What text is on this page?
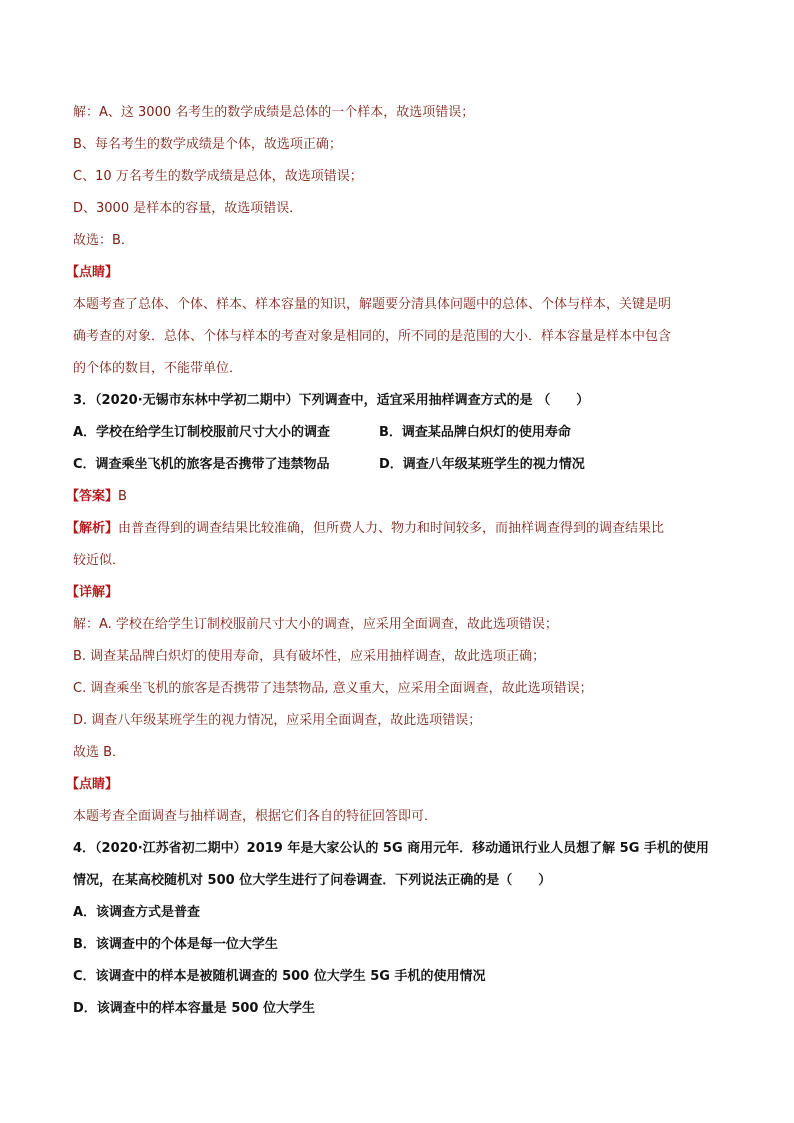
解：A、这 3000 名考生的数学成绩是总体的一个样本，故选项错误；
B、每名考生的数学成绩是个体，故选项正确；
C、10 万名考生的数学成绩是总体，故选项错误；
D、3000 是样本的容量，故选项错误．
故选：B．
【点睛】
本题考查了总体、个体、样本、样本容量的知识，解题要分清具体问题中的总体、个体与样本，关键是明
确考查的对象．总体、个体与样本的考查对象是相同的，所不同的是范围的大小．样本容量是样本中包含
的个体的数目，不能带单位．
3．（2020·无锡市东林中学初二期中）下列调查中，适宜采用抽样调查方式的是 （　　）
A．学校在给学生订制校服前尺寸大小的调查	B．调查某品牌白炽灯的使用寿命
C．调查乘坐飞机的旅客是否携带了违禁物品	D．调查八年级某班学生的视力情况
【答案】B
【解析】由普查得到的调查结果比较准确，但所费人力、物力和时间较多，而抽样调查得到的调查结果比
较近似．
【详解】
解：A. 学校在给学生订制校服前尺寸大小的调查，应采用全面调查，故此选项错误；
B. 调查某品牌白炽灯的使用寿命，具有破坏性，应采用抽样调查，故此选项正确；
C. 调查乘坐飞机的旅客是否携带了违禁物品, 意义重大，应采用全面调查，故此选项错误；
D. 调查八年级某班学生的视力情况，应采用全面调查，故此选项错误；
故选 B．
【点睛】
本题考查全面调查与抽样调查，根据它们各自的特征回答即可．
4．（2020·江苏省初二期中）2019 年是大家公认的 5G 商用元年．移动通讯行业人员想了解 5G 手机的使用
情况，在某高校随机对 500 位大学生进行了问卷调查．下列说法正确的是（　　）
A．该调查方式是普查
B．该调查中的个体是每一位大学生
C．该调查中的样本是被随机调查的 500 位大学生 5G 手机的使用情况
D．该调查中的样本容量是 500 位大学生
